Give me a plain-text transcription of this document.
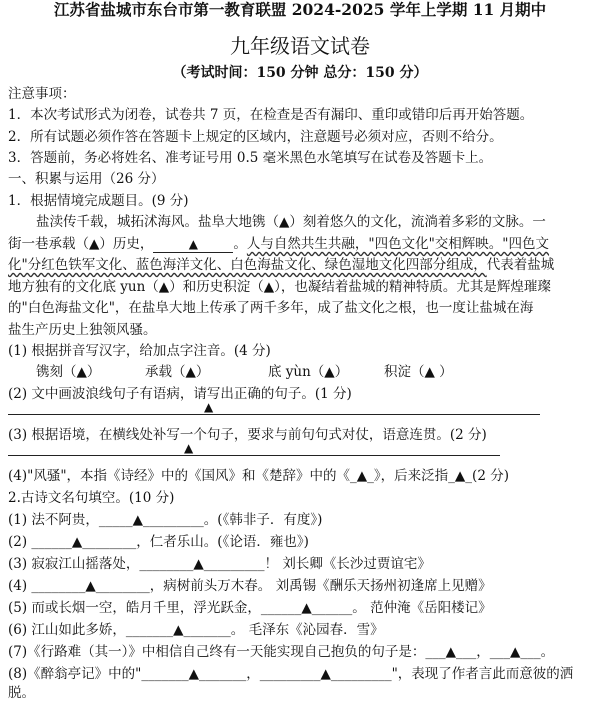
江苏省盐城市东台市第一教育联盟 2024-2025 学年上学期 11 月期中
九年级语文试卷
（考试时间：150 分钟 总分：150 分）
注意事项：
1．本次考试形式为闭卷，试卷共 7 页，在检查是否有漏印、重印或错印后再开始答题。
2．所有试题必须作答在答题卡上规定的区域内，注意题号必须对应，否则不给分。
3．答题前，务必将姓名、准考证号用 0.5 毫米黑色水笔填写在试卷及答题卡上。
一、积累与运用（26 分）
1．根据情境完成题目。(9 分)
盐渎传千载，城拓沭海风。盐阜大地镌（▲）刻着悠久的文化，流淌着多彩的文脉。一
街一巷承载（▲）历史，	▲	。人与自然共生共融，"四色文化"交相辉映。"四色文
化"分红色铁军文化、蓝色海洋文化、白色海盐文化、绿色湿地文化四部分组成，代表着盐城
地方独有的文化底 yun（▲）和历史积淀（▲），也凝结着盐城的精神特质。尤其是辉煌璀璨
的"白色海盐文化"，在盐阜大地上传承了两千多年，成了盐文化之根，也一度让盐城在海
盐生产历史上独领风骚。
(1) 根据拼音写汉字，给加点字注音。(4 分)
镌刻（▲）	承载（▲）	底 yùn（▲）	积淀（▲ ）
(2) 文中画波浪线句子有语病，请写出正确的句子。(1 分)
▲
(3) 根据语境，在横线处补写一个句子，要求与前句句式对仗，语意连贯。(2 分)
▲
(4)"风骚"，本指《诗经》中的《国风》和《楚辞》中的《_▲_》，后来泛指_▲_(2 分)
2.古诗文名句填空。(10 分)
(1) 法不阿贵，_____▲_________。(《韩非子．有度》)
(2) ______▲________，仁者乐山。(《论语．雍也》)
(3) 寂寂江山摇落处，________▲_________！ 刘长卿《长沙过贾谊宅》
(4) ________▲________，病树前头万木春。 刘禹锡《酬乐天扬州初逢席上见赠》
(5) 而或长烟一空，皓月千里，浮光跃金，______▲______。 范仲淹《岳阳楼记》
(6) 江山如此多娇，_______▲_______。 毛泽东《沁园春．雪》
(7)《行路难（其一）》中相信自己终有一天能实现自己抱负的句子是：___▲___，___▲___。
(8)《醉翁亭记》中的"_______▲_______，_________▲_________"，表现了作者言此而意彼的洒
脱。
